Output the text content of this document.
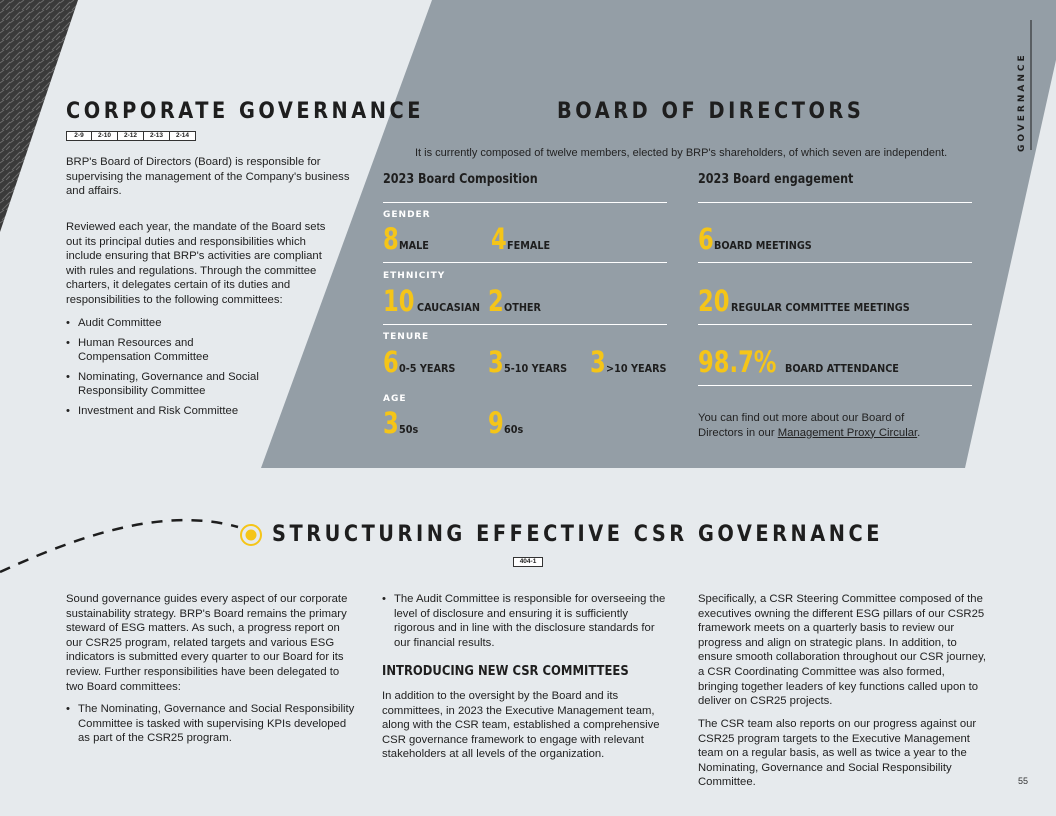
GOVERNANCE
CORPORATE GOVERNANCE
2-9	2-10	2-12	2-13	2-14
BRP's Board of Directors (Board) is responsible for supervising the management of the Company's business and affairs.
Reviewed each year, the mandate of the Board sets out its principal duties and responsibilities which include ensuring that BRP's activities are compliant with rules and regulations. Through the committee charters, it delegates certain of its duties and responsibilities to the following committees:
• Audit Committee
• Human Resources and Compensation Committee
• Nominating, Governance and Social Responsibility Committee
• Investment and Risk Committee
BOARD OF DIRECTORS
It is currently composed of twelve members, elected by BRP's shareholders, of which seven are independent.
2023 Board Composition	2023 Board engagement
GENDER
8 MALE 4 FEMALE
ETHNICITY
10 CAUCASIAN 2 OTHER
TENURE
6 0-5 YEARS 3 5-10 YEARS 3 >10 YEARS
AGE
3 50s 9 60s
6 BOARD MEETINGS
20 REGULAR COMMITTEE MEETINGS
98.7% BOARD ATTENDANCE
You can find out more about our Board of Directors in our Management Proxy Circular.
STRUCTURING EFFECTIVE CSR GOVERNANCE
404-1
Sound governance guides every aspect of our corporate sustainability strategy. BRP's Board remains the primary steward of ESG matters. As such, a progress report on our CSR25 program, related targets and various ESG indicators is submitted every quarter to our Board for its review. Further responsibilities have been delegated to two Board committees:
• The Nominating, Governance and Social Responsibility Committee is tasked with supervising KPIs developed as part of the CSR25 program.
• The Audit Committee is responsible for overseeing the level of disclosure and ensuring it is sufficiently rigorous and in line with the disclosure standards for our financial results.
INTRODUCING NEW CSR COMMITTEES
In addition to the oversight by the Board and its committees, in 2023 the Executive Management team, along with the CSR team, established a comprehensive CSR governance framework to engage with relevant stakeholders at all levels of the organization.
Specifically, a CSR Steering Committee composed of the executives owning the different ESG pillars of our CSR25 framework meets on a quarterly basis to review our progress and align on strategic plans. In addition, to ensure smooth collaboration throughout our CSR journey, a CSR Coordinating Committee was also formed, bringing together leaders of key functions called upon to deliver on CSR25 projects.
The CSR team also reports on our progress against our CSR25 program targets to the Executive Management team on a regular basis, as well as twice a year to the Nominating, Governance and Social Responsibility Committee.	55
